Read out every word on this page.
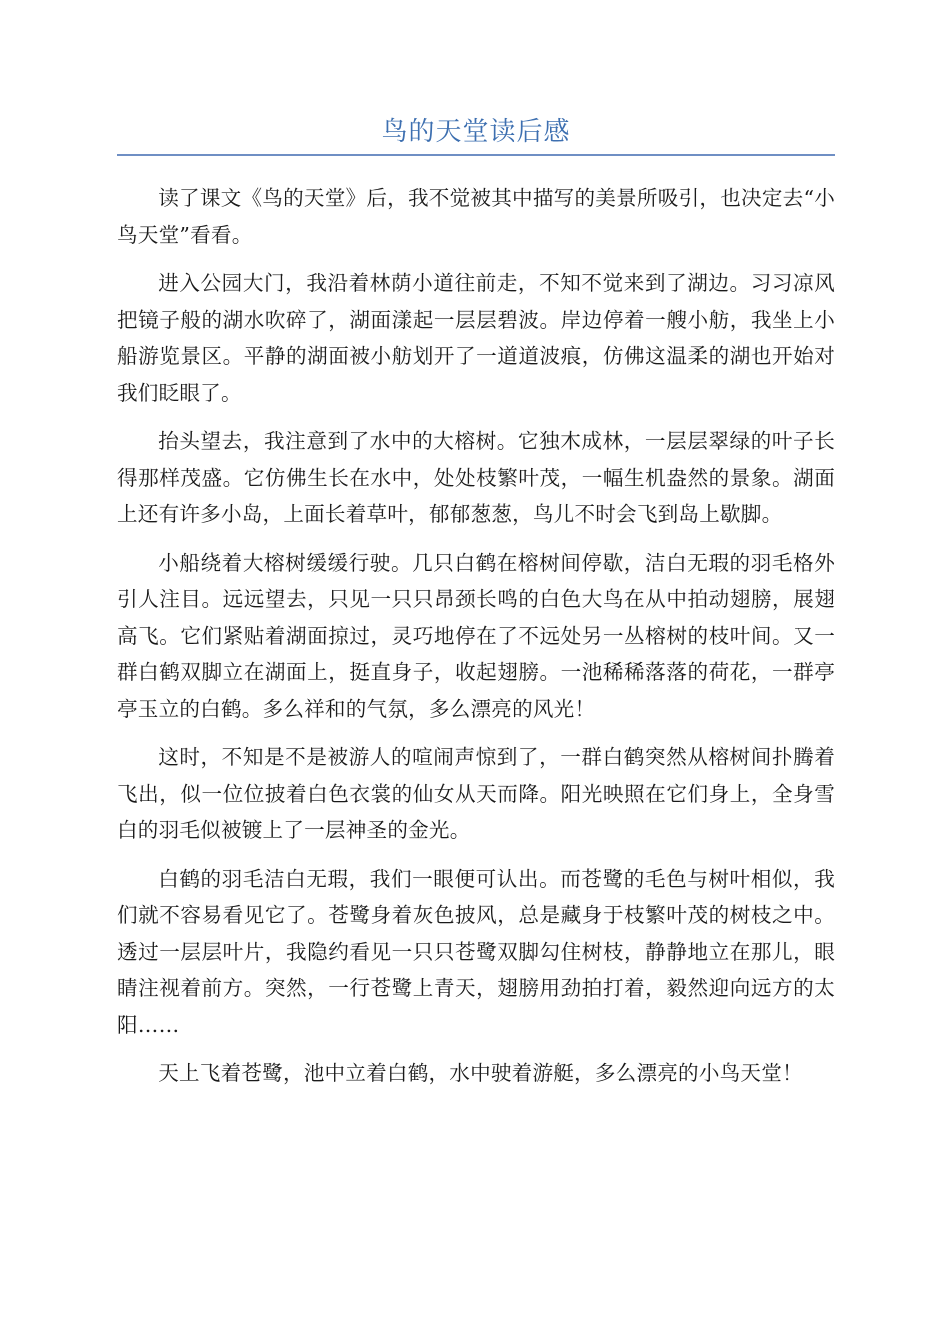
鸟的天堂读后感

读了课文《鸟的天堂》后，我不觉被其中描写的美景所吸引，也决定去“小鸟天堂”看看。

进入公园大门，我沿着林荫小道往前走，不知不觉来到了湖边。习习凉风把镜子般的湖水吹碎了，湖面漾起一层层碧波。岸边停着一艘小舫，我坐上小船游览景区。平静的湖面被小舫划开了一道道波痕，仿佛这温柔的湖也开始对我们眨眼了。

抬头望去，我注意到了水中的大榕树。它独木成林，一层层翠绿的叶子长得那样茂盛。它仿佛生长在水中，处处枝繁叶茂，一幅生机盎然的景象。湖面上还有许多小岛，上面长着草叶，郁郁葱葱，鸟儿不时会飞到岛上歇脚。

小船绕着大榕树缓缓行驶。几只白鹤在榕树间停歇，洁白无瑕的羽毛格外引人注目。远远望去，只见一只只昂颈长鸣的白色大鸟在从中拍动翅膀，展翅高飞。它们紧贴着湖面掠过，灵巧地停在了不远处另一丛榕树的枝叶间。又一群白鹤双脚立在湖面上，挺直身子，收起翅膀。一池稀稀落落的荷花，一群亭亭玉立的白鹤。多么祥和的气氛，多么漂亮的风光！

这时，不知是不是被游人的喧闹声惊到了，一群白鹤突然从榕树间扑腾着飞出，似一位位披着白色衣裳的仙女从天而降。阳光映照在它们身上，全身雪白的羽毛似被镀上了一层神圣的金光。

白鹤的羽毛洁白无瑕，我们一眼便可认出。而苍鹭的毛色与树叶相似，我们就不容易看见它了。苍鹭身着灰色披风，总是藏身于枝繁叶茂的树枝之中。透过一层层叶片，我隐约看见一只只苍鹭双脚勾住树枝，静静地立在那儿，眼睛注视着前方。突然，一行苍鹭上青天，翅膀用劲拍打着，毅然迎向远方的太阳……

天上飞着苍鹭，池中立着白鹤，水中驶着游艇，多么漂亮的小鸟天堂！
